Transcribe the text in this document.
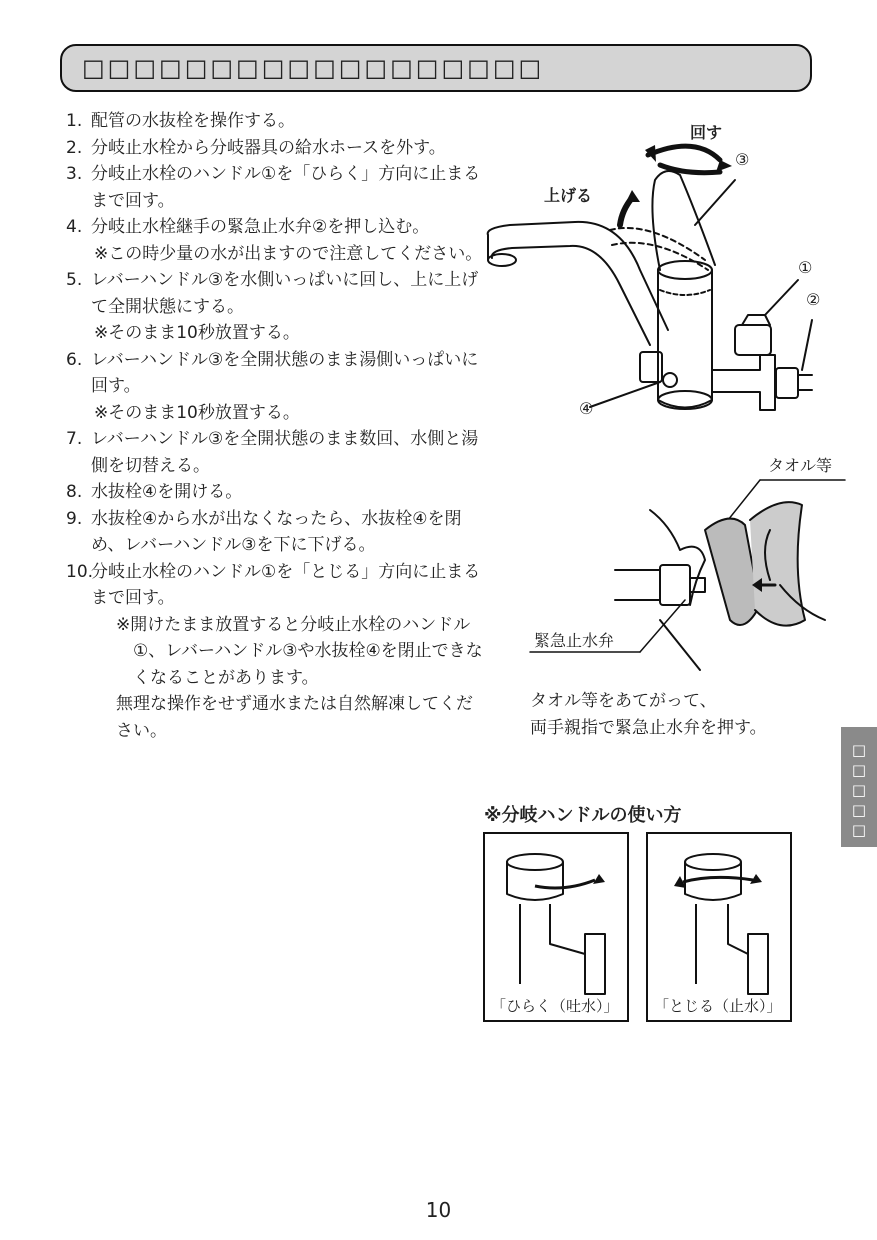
□□□□□□□□□□□□□□□□□□
1. 配管の水抜栓を操作する。
2. 分岐止水栓から分岐器具の給水ホースを外す。
3. 分岐止水栓のハンドル①を「ひらく」方向に止まるまで回す。
4. 分岐止水栓継手の緊急止水弁②を押し込む。
※この時少量の水が出ますので注意してください。
5. レバーハンドル③を水側いっぱいに回し、上に上げて全開状態にする。
※そのまま10秒放置する。
6. レバーハンドル③を全開状態のまま湯側いっぱいに回す。
※そのまま10秒放置する。
7. レバーハンドル③を全開状態のまま数回、水側と湯側を切替える。
8. 水抜栓④を開ける。
9. 水抜栓④から水が出なくなったら、水抜栓④を閉め、レバーハンドル③を下に下げる。
10.
分岐止水栓のハンドル①を「とじる」方向に止まるまで回す。
※開けたまま放置すると分岐止水栓のハンドル①、レバーハンドル③や水抜栓④を閉止できなくなることがあります。
無理な操作をせず通水または自然解凍してください。
回す
③
上げる
①
②
④
タオル等
緊急止水弁
タオル等をあてがって、
両手親指で緊急止水弁を押す。
※分岐ハンドルの使い方
「ひらく（吐水）」 「とじる（止水）」
□□□□□
10
